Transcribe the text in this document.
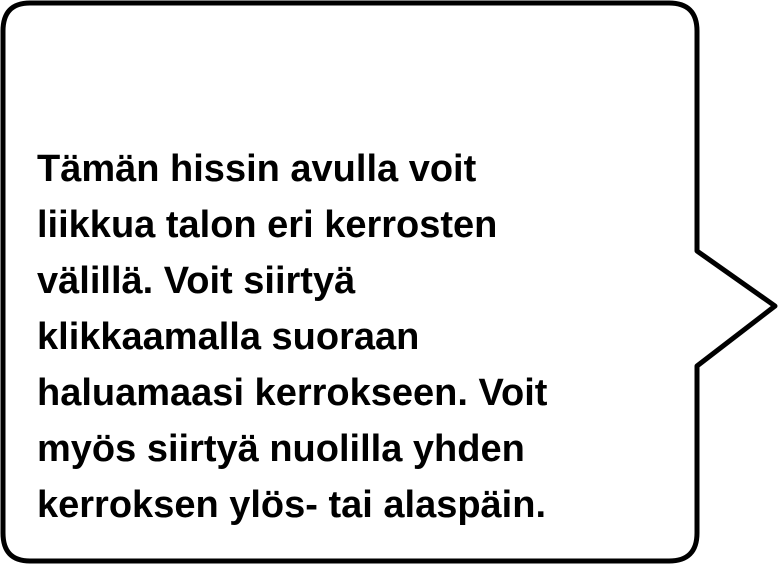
Tämän hissin avulla voit
liikkua talon eri kerrosten
välillä. Voit siirtyä
klikkaamalla suoraan
haluamaasi kerrokseen. Voit
myös siirtyä nuolilla yhden
kerroksen ylös- tai alaspäin.
